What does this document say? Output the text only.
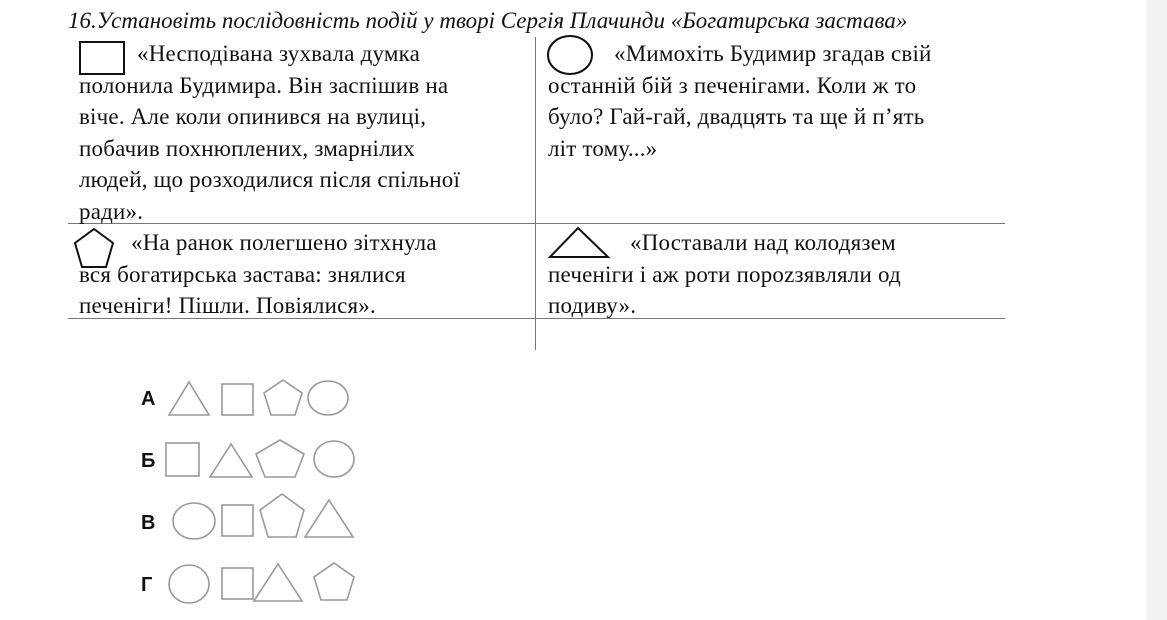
16.Установіть послідовність подій у творі Сергія Плачинди «Богатирська застава»

«Несподівана зухвала думка
полонила Будимира. Він заспішив на
віче. Але коли опинився на вулиці,
побачив похнюплених, змарнілих
людей, що розходилися після спільної
ради».

«Мимохіть Будимир згадав свій
останній бій з печенігами. Коли ж то
було? Гай-гай, двадцять та ще й п’ять
літ тому...»

«На ранок полегшено зітхнула
вся богатирська застава: знялися
печеніги! Пішли. Повіялися».

«Поставали над колодязем
печеніги і аж роти порozзявляли од
подиву».

А
Б
В
Г
